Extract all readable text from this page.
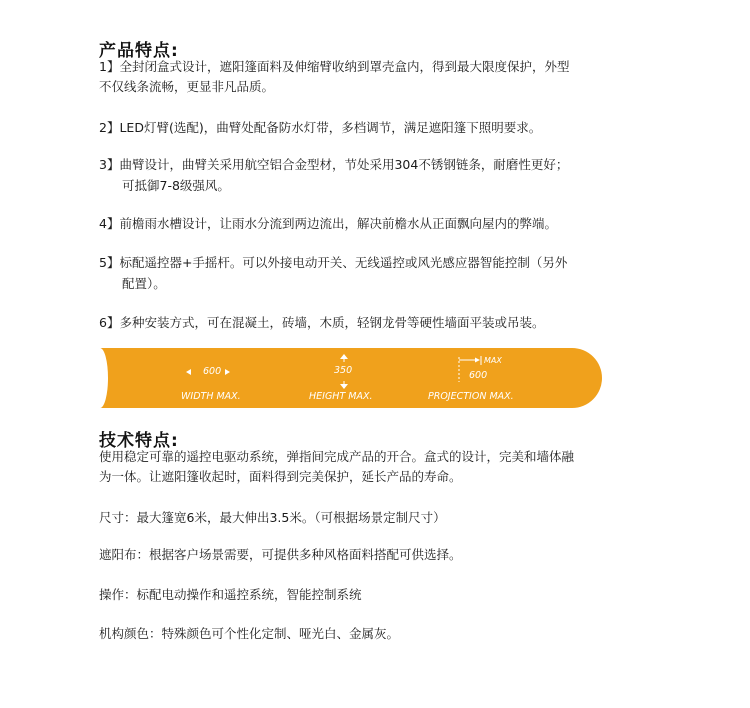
产品特点:
1】全封闭盒式设计，遮阳篷面料及伸缩臂收纳到罩壳盒内，得到最大限度保护，外型
不仅线条流畅，更显非凡品质。
2】LED灯臂(选配)，曲臂处配备防水灯带，多档调节，满足遮阳篷下照明要求。
3】曲臂设计，曲臂关采用航空铝合金型材，节处采用304不锈钢链条，耐磨性更好；
可抵御7-8级强风。
4】前檐雨水槽设计，让雨水分流到两边流出，解决前檐水从正面飘向屋内的弊端。
5】标配遥控器+手摇杆。可以外接电动开关、无线遥控或风光感应器智能控制（另外
配置）。
6】多种安装方式，可在混凝土，砖墙，木质，轻钢龙骨等硬性墙面平装或吊装。
600	350
MAX
600
WIDTH MAX.	HEIGHT MAX.	PROJECTION MAX.
技术特点:
使用稳定可靠的遥控电驱动系统，弹指间完成产品的开合。盒式的设计，完美和墙体融
为一体。让遮阳篷收起时，面料得到完美保护，延长产品的寿命。
尺寸：最大篷宽6米，最大伸出3.5米。（可根据场景定制尺寸）
遮阳布：根据客户场景需要，可提供多种风格面料搭配可供选择。
操作：标配电动操作和遥控系统，智能控制系统
机构颜色：特殊颜色可个性化定制、哑光白、金属灰。
